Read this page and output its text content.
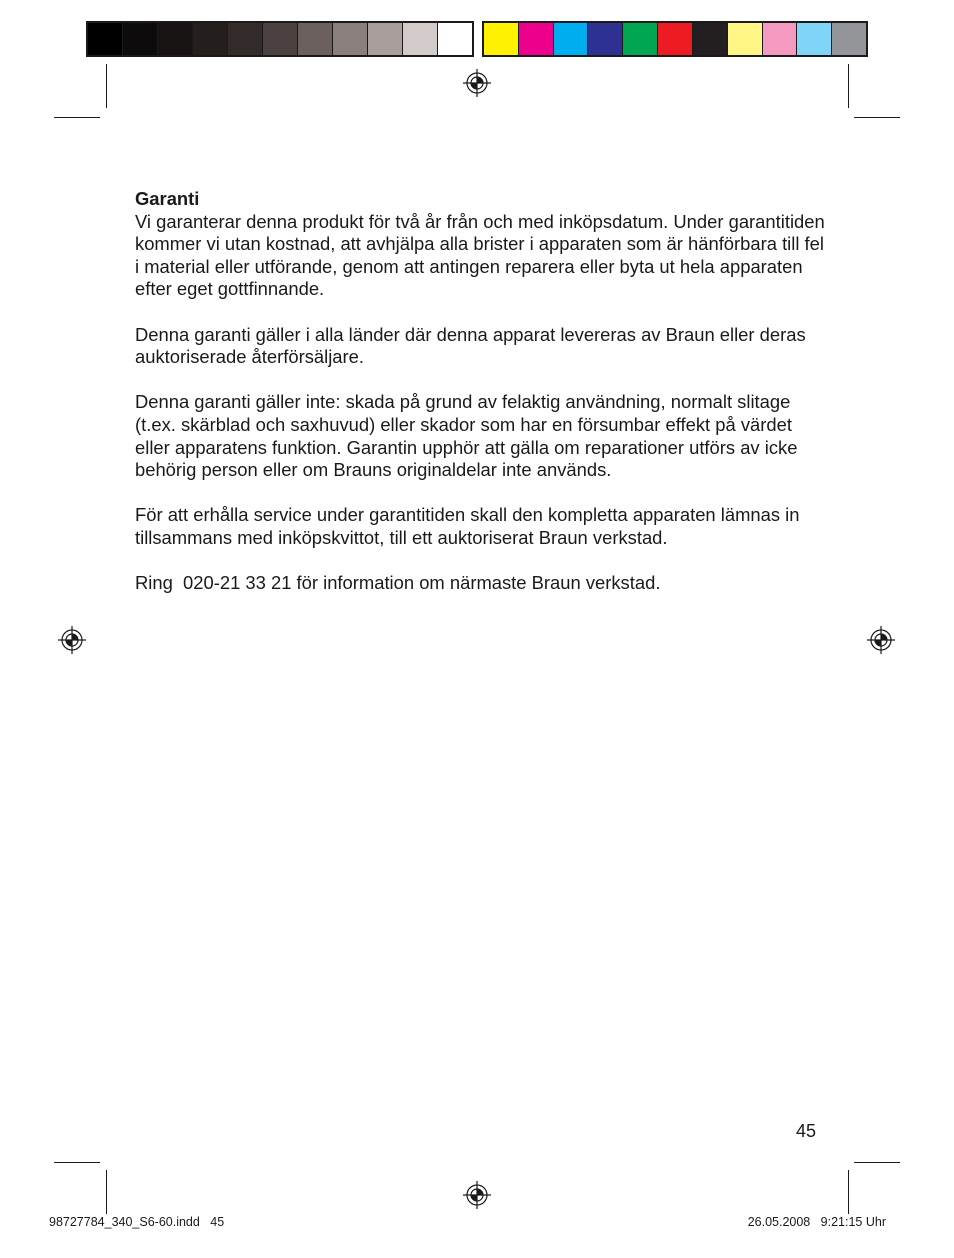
Garanti

Vi garanterar denna produkt för två år från och med inköpsdatum. Under garantitiden kommer vi utan kostnad, att avhjälpa alla brister i apparaten som är hänförbara till fel i material eller utförande, genom att antingen reparera eller byta ut hela apparaten efter eget gottfinnande.

Denna garanti gäller i alla länder där denna apparat levereras av Braun eller deras auktoriserade återförsäljare.

Denna garanti gäller inte: skada på grund av felaktig användning, normalt slitage (t.ex. skärblad och saxhuvud) eller skador som har en försumbar effekt på värdet eller apparatens funktion. Garantin upphör att gälla om reparationer utförs av icke behörig person eller om Brauns originaldelar inte används.

För att erhålla service under garantitiden skall den kompletta apparaten lämnas in tillsammans med inköpskvittot, till ett auktoriserat Braun verkstad.

Ring  020-21 33 21 för information om närmaste Braun verkstad.

45
98727784_340_S6-60.indd   45	26.05.2008   9:21:15 Uhr
